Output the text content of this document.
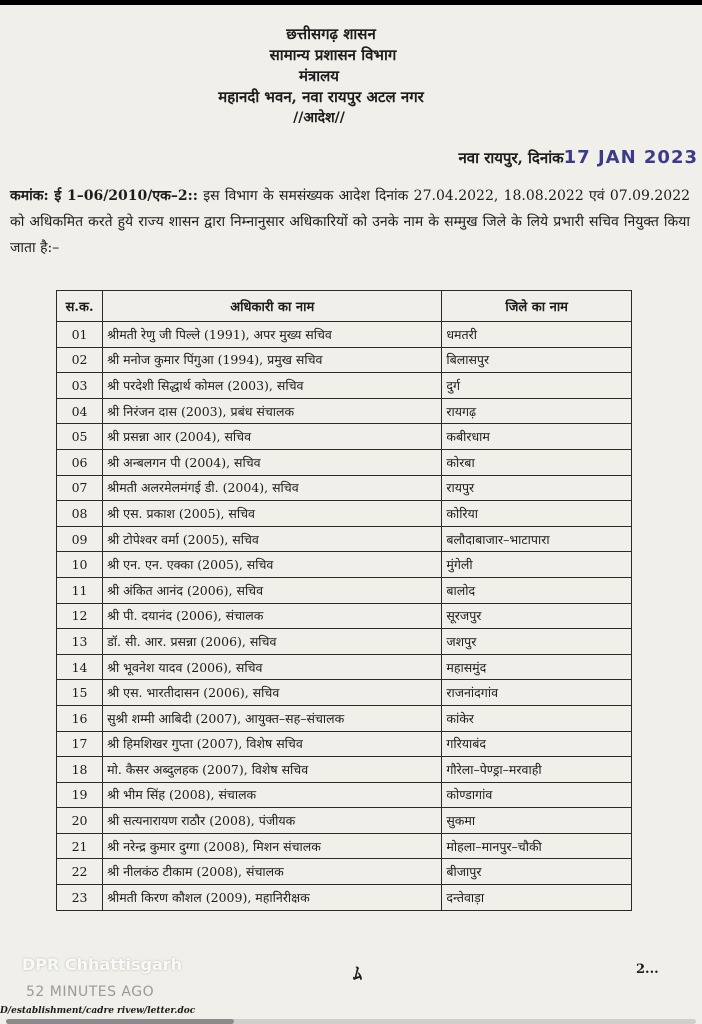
छत्तीसगढ़ शासन
सामान्य प्रशासन विभाग
मंत्रालय
महानदी भवन, नवा रायपुर अटल नगर
//आदेश//
नवा रायपुर, दिनांक17 JAN 2023
कमांक: ई 1–06/2010/एक–2:: इस विभाग के समसंख्यक आदेश दिनांक 27.04.2022, 18.08.2022 एवं 07.09.2022 को अधिकमित करते हुये राज्य शासन द्वारा निम्नानुसार अधिकारियों को उनके नाम के सम्मुख जिले के लिये प्रभारी सचिव नियुक्त किया जाता है:–
स.क.	अधिकारी का नाम	जिले का नाम
01	श्रीमती रेणु जी पिल्ले (1991), अपर मुख्य सचिव	धमतरी
02	श्री मनोज कुमार पिंगुआ (1994), प्रमुख सचिव	बिलासपुर
03	श्री परदेशी सिद्धार्थ कोमल (2003), सचिव	दुर्ग
04	श्री निरंजन दास (2003), प्रबंध संचालक	रायगढ़
05	श्री प्रसन्ना आर (2004), सचिव	कबीरधाम
06	श्री अन्बलगन पी (2004), सचिव	कोरबा
07	श्रीमती अलरमेलमंगई डी. (2004), सचिव	रायपुर
08	श्री एस. प्रकाश (2005), सचिव	कोरिया
09	श्री टोपेश्वर वर्मा (2005), सचिव	बलौदाबाजार–भाटापारा
10	श्री एन. एन. एक्का (2005), सचिव	मुंगेली
11	श्री अंकित आनंद (2006), सचिव	बालोद
12	श्री पी. दयानंद (2006), संचालक	सूरजपुर
13	डॉ. सी. आर. प्रसन्ना (2006), सचिव	जशपुर
14	श्री भूवनेश यादव (2006), सचिव	महासमुंद
15	श्री एस. भारतीदासन (2006), सचिव	राजनांदगांव
16	सुश्री शम्मी आबिदी (2007), आयुक्त–सह–संचालक	कांकेर
17	श्री हिमशिखर गुप्ता (2007), विशेष सचिव	गरियाबंद
18	मो. कैसर अब्दुलहक (2007), विशेष सचिव	गौरेला–पेण्ड्रा–मरवाही
19	श्री भीम सिंह (2008), संचालक	कोण्डागांव
20	श्री सत्यनारायण राठौर (2008), पंजीयक	सुकमा
21	श्री नरेन्द्र कुमार दुग्गा (2008), मिशन संचालक	मोहला–मानपुर–चौकी
22	श्री नीलकंठ टीकाम (2008), संचालक	बीजापुर
23	श्रीमती किरण कौशल (2009), महानिरीक्षक	दन्तेवाड़ा
DPR Chhattisgarh
52 MINUTES AGO
ﾑ	2...
D/establishment/cadre rivew/letter.doc
